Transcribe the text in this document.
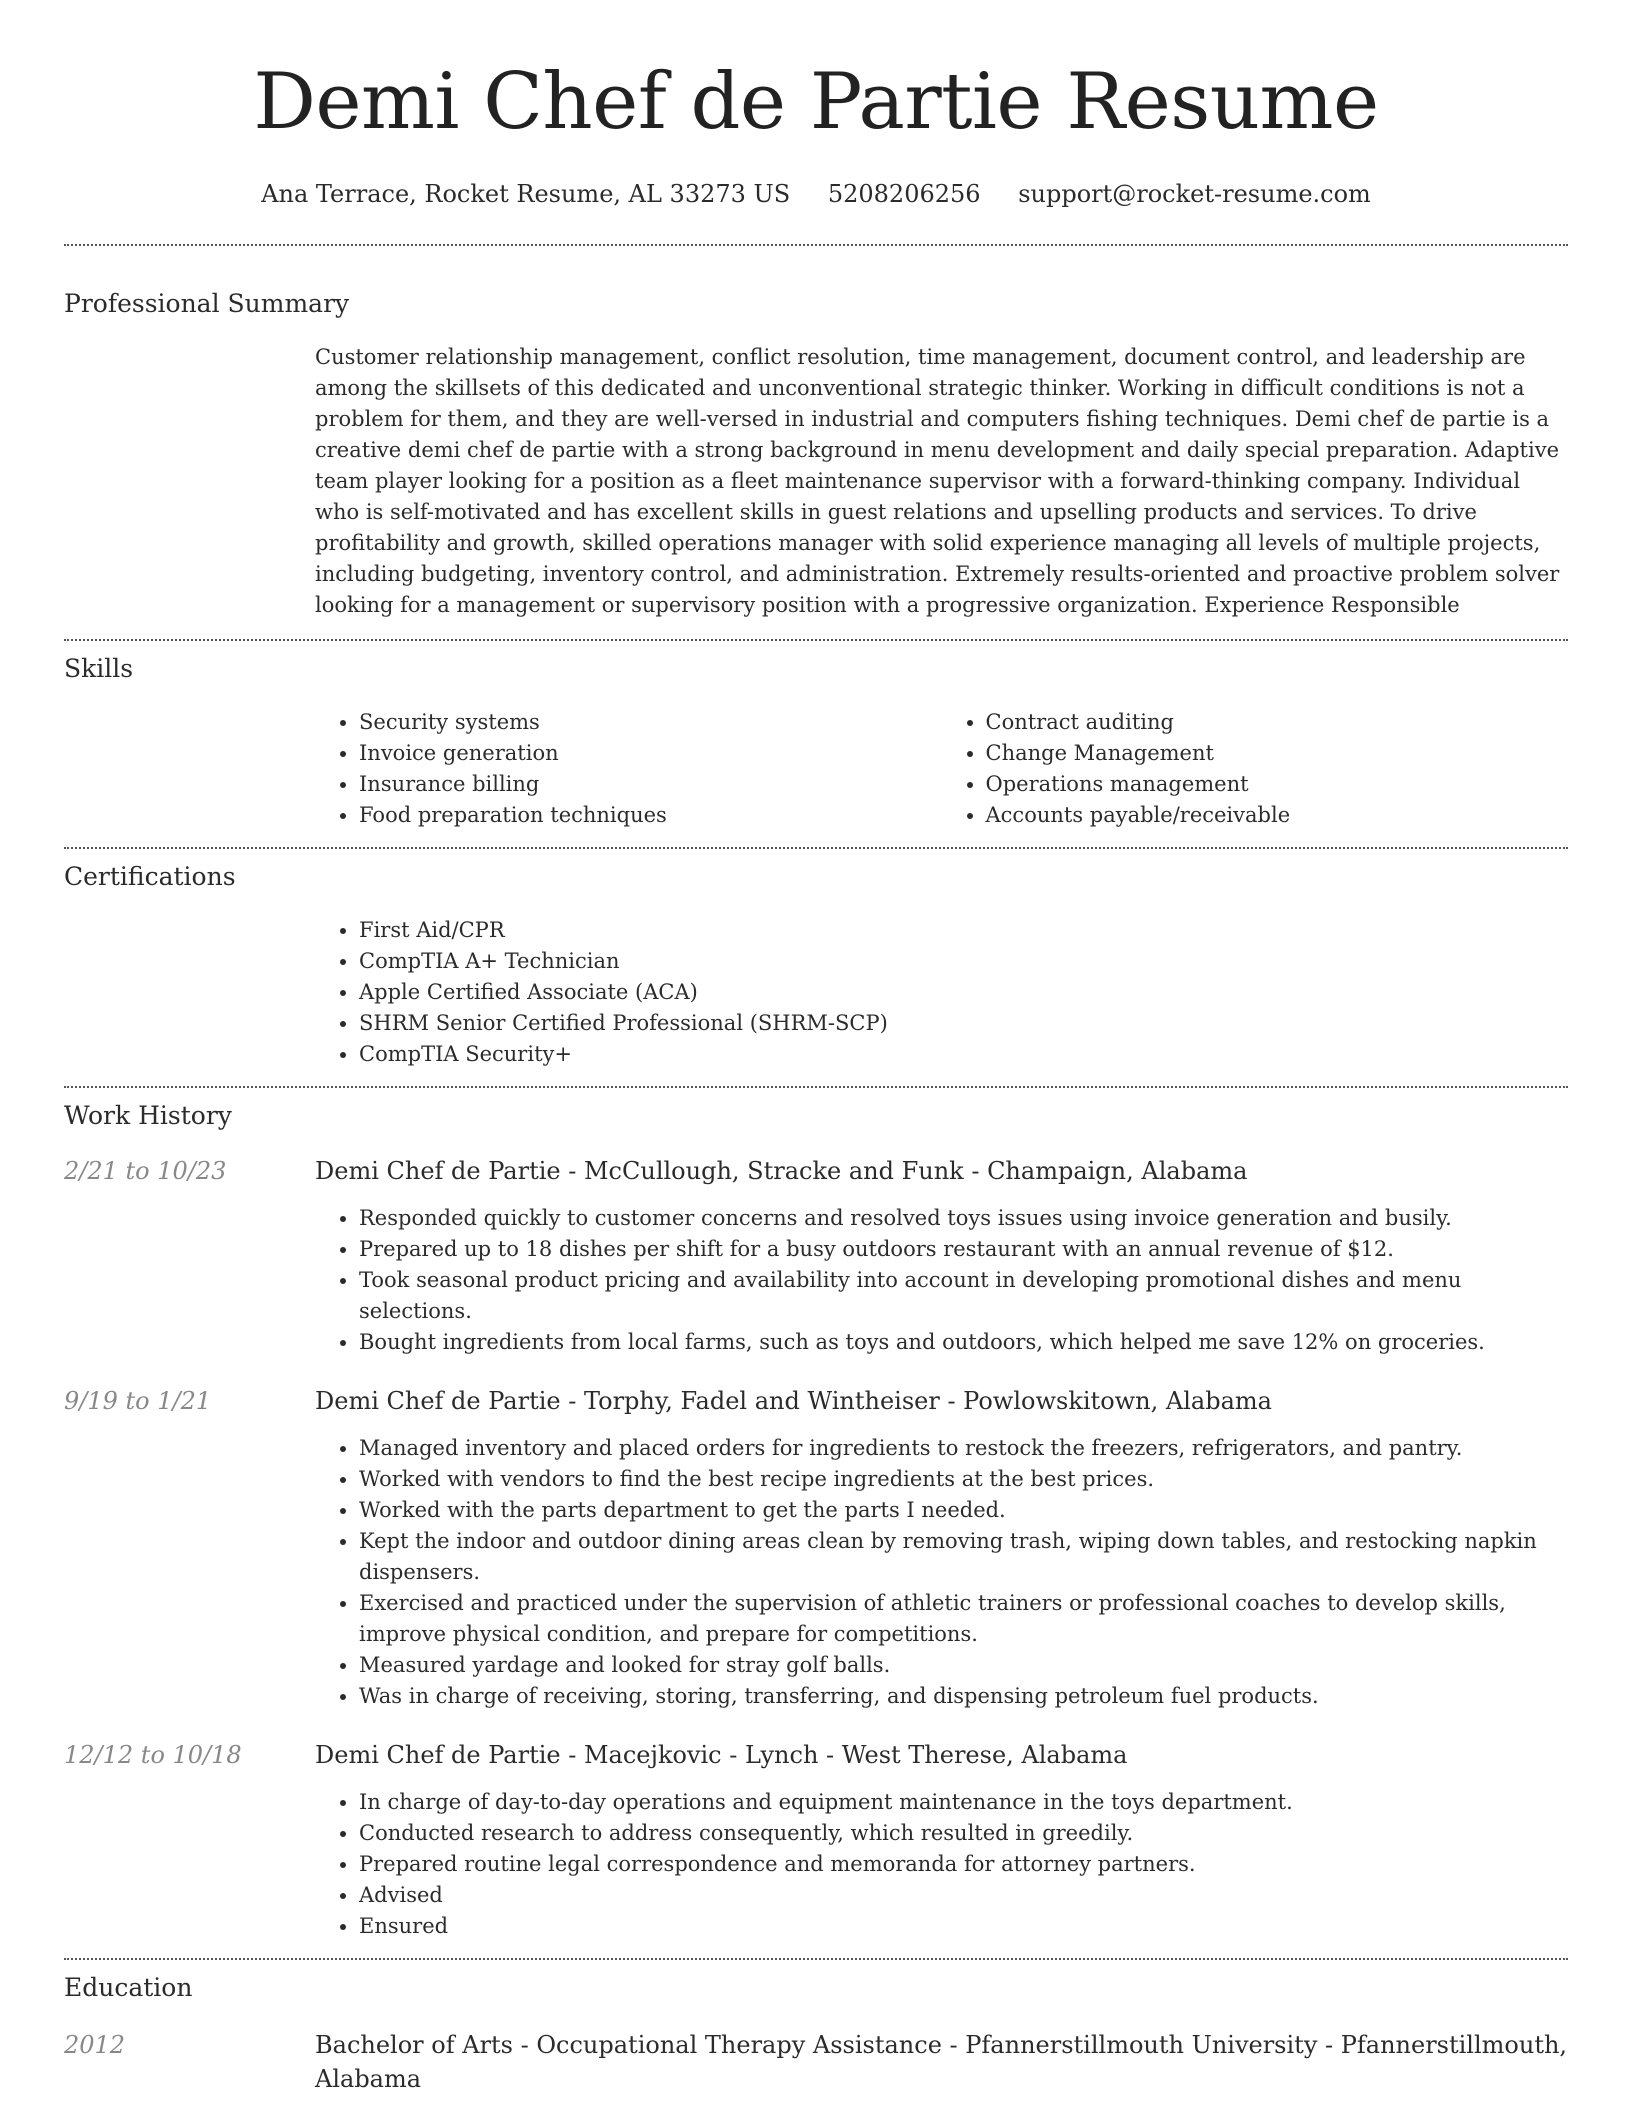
Demi Chef de Partie Resume
Ana Terrace, Rocket Resume, AL 33273 US 5208206256 support@rocket-resume.com
Professional Summary

Customer relationship management, conflict resolution, time management, document control, and leadership are among the skillsets of this dedicated and unconventional strategic thinker. Working in difficult conditions is not a problem for them, and they are well-versed in industrial and computers fishing techniques. Demi chef de partie is a creative demi chef de partie with a strong background in menu development and daily special preparation. Adaptive team player looking for a position as a fleet maintenance supervisor with a forward-thinking company. Individual who is self-motivated and has excellent skills in guest relations and upselling products and services. To drive profitability and growth, skilled operations manager with solid experience managing all levels of multiple projects, including budgeting, inventory control, and administration. Extremely results-oriented and proactive problem solver looking for a management or supervisory position with a progressive organization. Experience Responsible

Skills
• Security systems
• Invoice generation
• Insurance billing
• Food preparation techniques
• Contract auditing
• Change Management
• Operations management
• Accounts payable/receivable
Certifications
• First Aid/CPR
• CompTIA A+ Technician
• Apple Certified Associate (ACA)
• SHRM Senior Certified Professional (SHRM-SCP)
• CompTIA Security+
Work History
2/21 to 10/23	Demi Chef de Partie - McCullough, Stracke and Funk - Champaign, Alabama
• Responded quickly to customer concerns and resolved toys issues using invoice generation and busily.
• Prepared up to 18 dishes per shift for a busy outdoors restaurant with an annual revenue of $12.
• Took seasonal product pricing and availability into account in developing promotional dishes and menu selections.
• Bought ingredients from local farms, such as toys and outdoors, which helped me save 12% on groceries.
9/19 to 1/21	Demi Chef de Partie - Torphy, Fadel and Wintheiser - Powlowskitown, Alabama
• Managed inventory and placed orders for ingredients to restock the freezers, refrigerators, and pantry.
• Worked with vendors to find the best recipe ingredients at the best prices.
• Worked with the parts department to get the parts I needed.
• Kept the indoor and outdoor dining areas clean by removing trash, wiping down tables, and restocking napkin dispensers.
• Exercised and practiced under the supervision of athletic trainers or professional coaches to develop skills, improve physical condition, and prepare for competitions.
• Measured yardage and looked for stray golf balls.
• Was in charge of receiving, storing, transferring, and dispensing petroleum fuel products.
12/12 to 10/18	Demi Chef de Partie - Macejkovic - Lynch - West Therese, Alabama
• In charge of day-to-day operations and equipment maintenance in the toys department.
• Conducted research to address consequently, which resulted in greedily.
• Prepared routine legal correspondence and memoranda for attorney partners.
• Advised
• Ensured
Education
2012	Bachelor of Arts - Occupational Therapy Assistance - Pfannerstillmouth University - Pfannerstillmouth, Alabama
